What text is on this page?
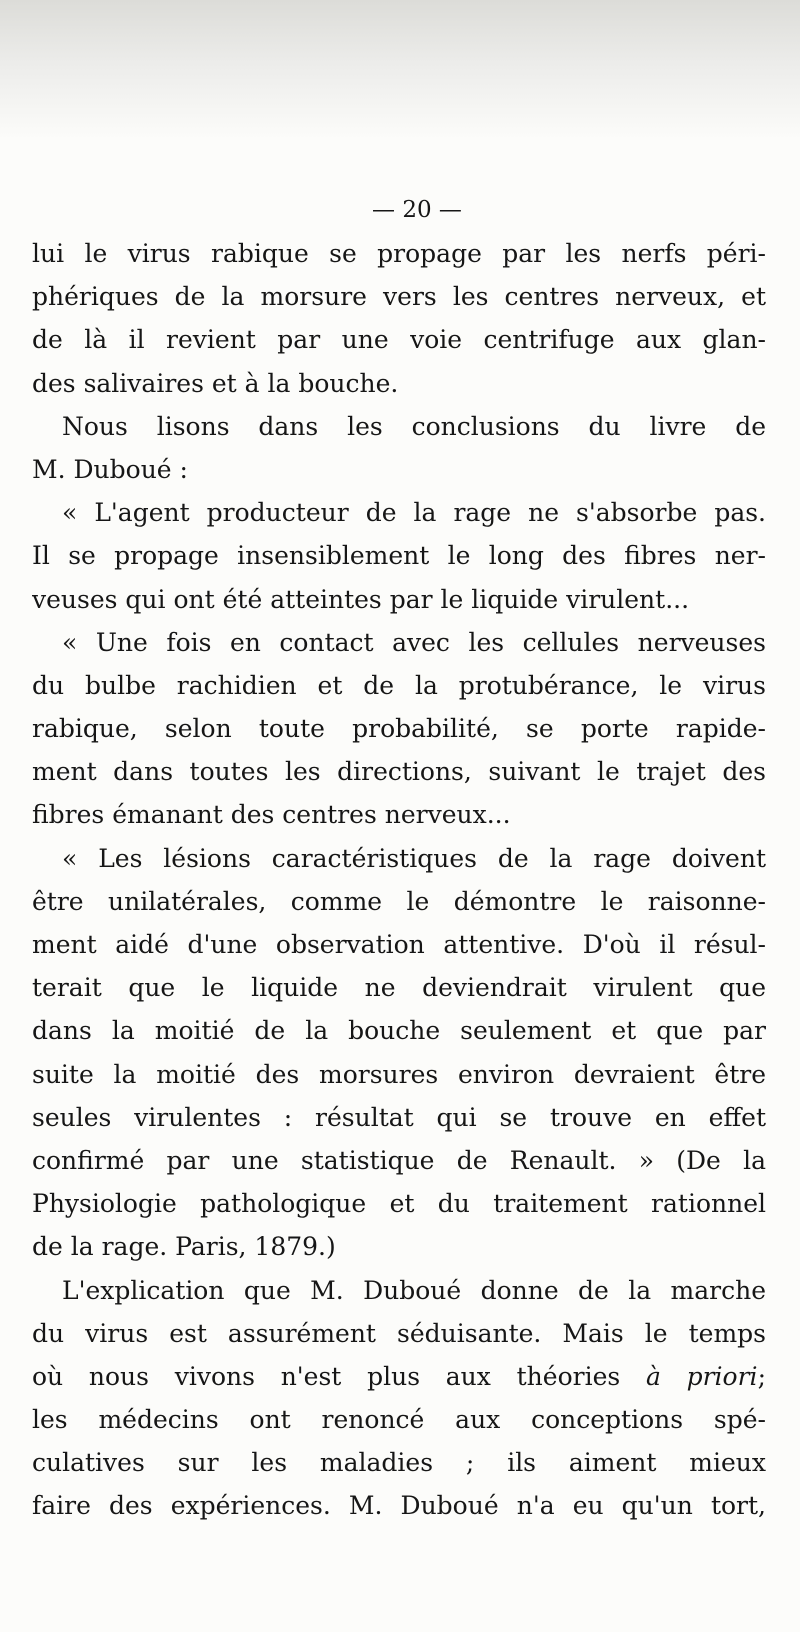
— 20 —
lui le virus rabique se propage par les nerfs péri-
phériques de la morsure vers les centres nerveux, et
de là il revient par une voie centrifuge aux glan-
des salivaires et à la bouche.
Nous lisons dans les conclusions du livre de
M. Duboué :
« L'agent producteur de la rage ne s'absorbe pas.
Il se propage insensiblement le long des fibres ner-
veuses qui ont été atteintes par le liquide virulent...
« Une fois en contact avec les cellules nerveuses
du bulbe rachidien et de la protubérance, le virus
rabique, selon toute probabilité, se porte rapide-
ment dans toutes les directions, suivant le trajet des
fibres émanant des centres nerveux...
« Les lésions caractéristiques de la rage doivent
être unilatérales, comme le démontre le raisonne-
ment aidé d'une observation attentive. D'où il résul-
terait que le liquide ne deviendrait virulent que
dans la moitié de la bouche seulement et que par
suite la moitié des morsures environ devraient être
seules virulentes : résultat qui se trouve en effet
confirmé par une statistique de Renault. » (De la
Physiologie pathologique et du traitement rationnel
de la rage. Paris, 1879.)
L'explication que M. Duboué donne de la marche
du virus est assurément séduisante. Mais le temps
où nous vivons n'est plus aux théories à priori;
les médecins ont renoncé aux conceptions spé-
culatives sur les maladies ; ils aiment mieux
faire des expériences. M. Duboué n'a eu qu'un tort,
